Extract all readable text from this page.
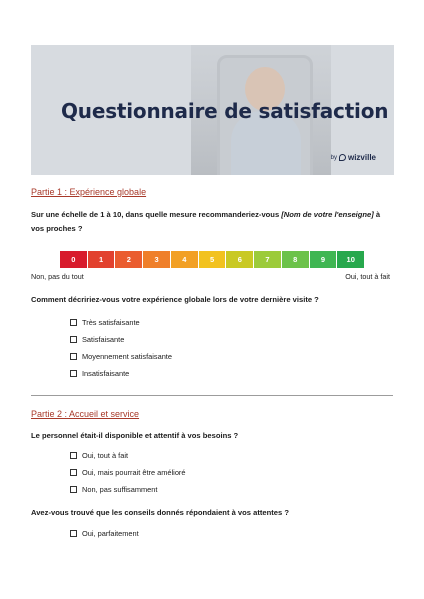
Questionnaire de satisfaction
by wizville
Partie 1 : Expérience globale
Sur une échelle de 1 à 10, dans quelle mesure recommanderiez-vous [Nom de votre l'enseigne] à
vos proches ?
0	1	2	3	4	5	6	7	8	9	10
Non, pas du tout	Oui, tout à fait
Comment décririez-vous votre expérience globale lors de votre dernière visite ?
Très satisfaisante
Satisfaisante
Moyennement satisfaisante
Insatisfaisante
Partie 2 : Accueil et service
Le personnel était-il disponible et attentif à vos besoins ?
Oui, tout à fait
Oui, mais pourrait être amélioré
Non, pas suffisamment
Avez-vous trouvé que les conseils donnés répondaient à vos attentes ?
Oui, parfaitement
